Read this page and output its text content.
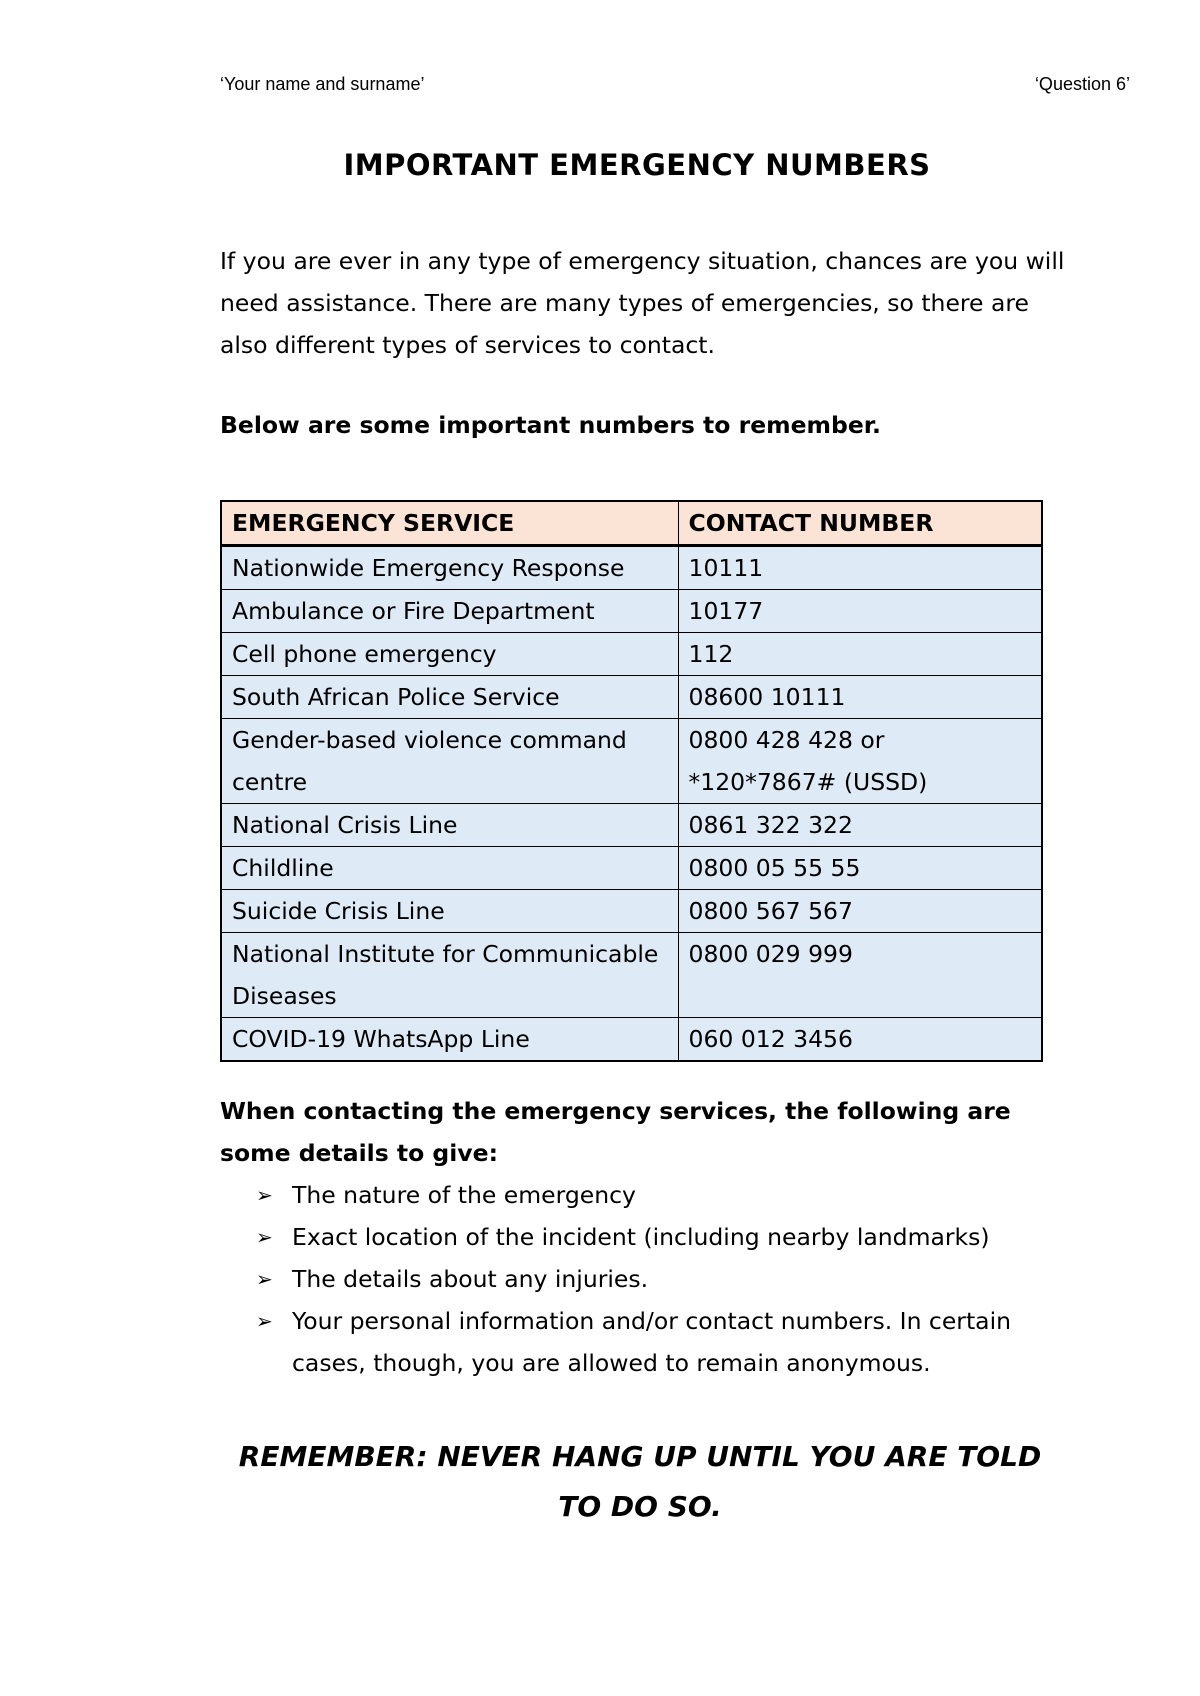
‘Your name and surname’	‘Question 6’
IMPORTANT EMERGENCY NUMBERS

If you are ever in any type of emergency situation, chances are you will need assistance. There are many types of emergencies, so there are also different types of services to contact.

Below are some important numbers to remember.

EMERGENCY SERVICE	CONTACT NUMBER
Nationwide Emergency Response	10111
Ambulance or Fire Department	10177
Cell phone emergency	112
South African Police Service	08600 10111
Gender-based violence command centre	0800 428 428 or *120*7867# (USSD)
National Crisis Line	0861 322 322
Childline	0800 05 55 55
Suicide Crisis Line	0800 567 567
National Institute for Communicable Diseases	0800 029 999
COVID-19 WhatsApp Line	060 012 3456

When contacting the emergency services, the following are some details to give:

➢ The nature of the emergency
➢ Exact location of the incident (including nearby landmarks)
➢ The details about any injuries.
➢ Your personal information and/or contact numbers. In certain cases, though, you are allowed to remain anonymous.

REMEMBER: NEVER HANG UP UNTIL YOU ARE TOLD TO DO SO.
